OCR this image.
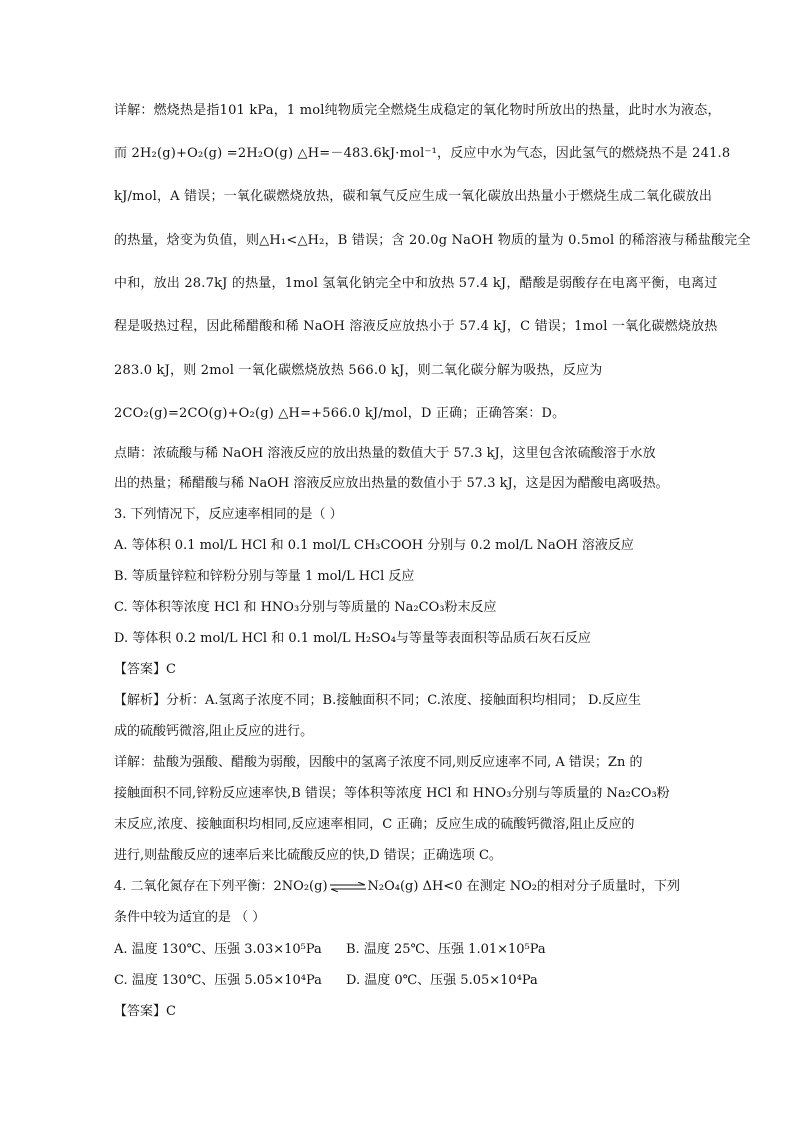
详解：燃烧热是指101 kPa，1 mol纯物质完全燃烧生成稳定的氧化物时所放出的热量，此时水为液态，
而 2H₂(g)+O₂(g) =2H₂O(g) △H=－483.6kJ·mol⁻¹，反应中水为气态，因此氢气的燃烧热不是 241.8
kJ/mol，A 错误；一氧化碳燃烧放热，碳和氧气反应生成一氧化碳放出热量小于燃烧生成二氧化碳放出
的热量，焓变为负值，则△H₁<△H₂，B 错误；含 20.0g NaOH 物质的量为 0.5mol 的稀溶液与稀盐酸完全
中和，放出 28.7kJ 的热量，1mol 氢氧化钠完全中和放热 57.4 kJ，醋酸是弱酸存在电离平衡，电离过
程是吸热过程，因此稀醋酸和稀 NaOH 溶液反应放热小于 57.4 kJ，C 错误；1mol 一氧化碳燃烧放热
283.0 kJ，则 2mol 一氧化碳燃烧放热 566.0 kJ，则二氧化碳分解为吸热，反应为
2CO₂(g)=2CO(g)+O₂(g) △H=+566.0 kJ/mol，D 正确；正确答案：D。
点睛：浓硫酸与稀 NaOH 溶液反应的放出热量的数值大于 57.3 kJ，这里包含浓硫酸溶于水放
出的热量；稀醋酸与稀 NaOH 溶液反应放出热量的数值小于 57.3 kJ，这是因为醋酸电离吸热。
3. 下列情况下，反应速率相同的是（ ）
A. 等体积 0.1 mol/L HCl 和 0.1 mol/L CH₃COOH 分别与 0.2 mol/L NaOH 溶液反应
B. 等质量锌粒和锌粉分别与等量 1 mol/L HCl 反应
C. 等体积等浓度 HCl 和 HNO₃分别与等质量的 Na₂CO₃粉末反应
D. 等体积 0.2 mol/L HCl 和 0.1 mol/L H₂SO₄与等量等表面积等品质石灰石反应
【答案】C
【解析】分析：A.氢离子浓度不同；B.接触面积不同；C.浓度、接触面积均相同； D.反应生
成的硫酸钙微溶,阻止反应的进行。
详解：盐酸为强酸、醋酸为弱酸，因酸中的氢离子浓度不同,则反应速率不同, A 错误；Zn 的
接触面积不同,锌粉反应速率快,B 错误；等体积等浓度 HCl 和 HNO₃分别与等质量的 Na₂CO₃粉
末反应,浓度、接触面积均相同,反应速率相同，C 正确；反应生成的硫酸钙微溶,阻止反应的
进行,则盐酸反应的速率后来比硫酸反应的快,D 错误；正确选项 C。
4. 二氧化氮存在下列平衡：2NO₂(g)⇌N₂O₄(g) ΔH<0 在测定 NO₂的相对分子质量时，下列
条件中较为适宜的是 （ ）
A. 温度 130℃、压强 3.03×10⁵Pa B. 温度 25℃、压强 1.01×10⁵Pa
C. 温度 130℃、压强 5.05×10⁴Pa D. 温度 0℃、压强 5.05×10⁴Pa
【答案】C
